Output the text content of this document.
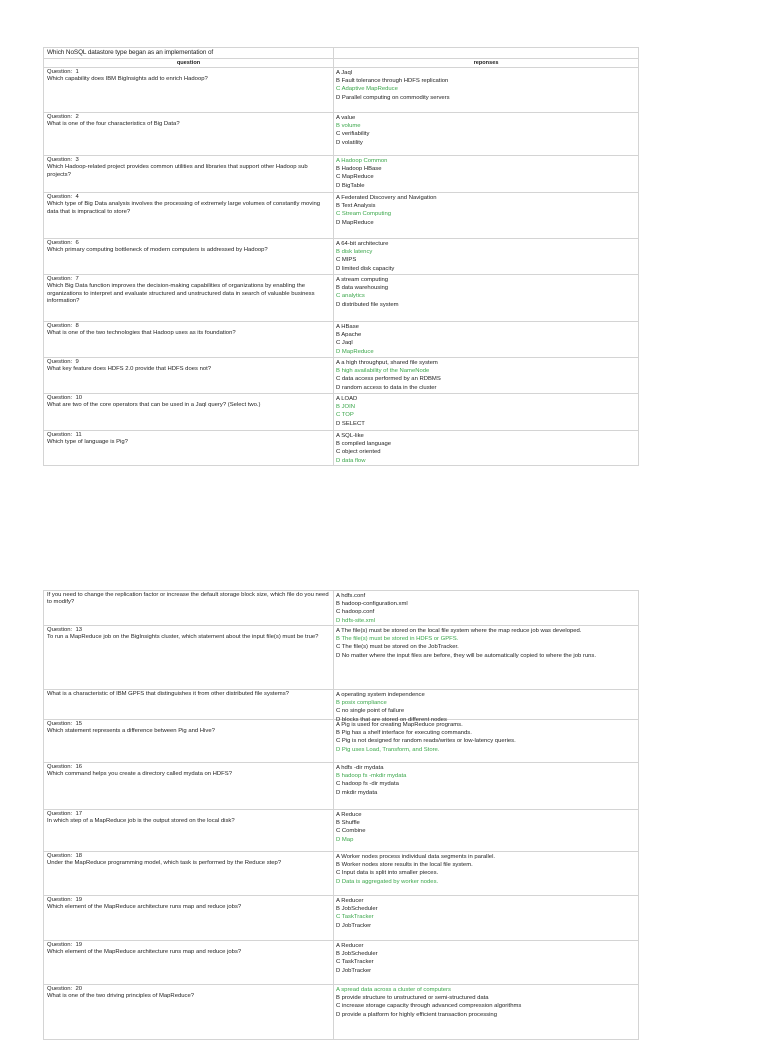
Which NoSQL datastore type began as an implementation of
question	reponses
Question:  1
Which capability does IBM BigInsights add to enrich Hadoop?
A Jaql
B Fault tolerance through HDFS replication
C Adaptive MapReduce
D Parallel computing on commodity servers
Question:  2
What is one of the four characteristics of Big Data?
A value
B volume
C verifiability
D volatility
Question:  3
Which Hadoop-related project provides common utilities and libraries that support other Hadoop sub projects?
A Hadoop Common
B Hadoop HBase
C MapReduce
D BigTable
Question:  4
Which type of Big Data analysis involves the processing of extremely large volumes of constantly moving data that is impractical to store?
A Federated Discovery and Navigation
B Text Analysis
C Stream Computing
D MapReduce
Question:  6
Which primary computing bottleneck of modern computers is addressed by Hadoop?
A 64-bit architecture
B disk latency
C MIPS
D limited disk capacity
Question:  7
Which Big Data function improves the decision-making capabilities of organizations by enabling the organizations to interpret and evaluate structured and unstructured data in search of valuable business information?
A stream computing
B data warehousing
C analytics
D distributed file system
Question:  8
What is one of the two technologies that Hadoop uses as its foundation?
A HBase
B Apache
C Jaql
D MapReduce
Question:  9
What key feature does HDFS 2.0 provide that HDFS does not?
A a high throughput, shared file system
B high availability of the NameNode
C data access performed by an RDBMS
D random access to data in the cluster
Question:  10
What are two of the core operators that can be used in a Jaql query? (Select two.)
A LOAD
B JOIN
C TOP
D SELECT
Question:  11
Which type of language is Pig?
A SQL-like
B compiled language
C object oriented
D data flow
If you need to change the replication factor or increase the default storage block size, which file do you need to modify?
A hdfs.conf
B hadoop-configuration.xml
C hadoop.conf
D hdfs-site.xml
Question:  13
To run a MapReduce job on the BigInsights cluster, which statement about the input file(s) must be true?
A The file(s) must be stored on the local file system where the map reduce job was developed.
B The file(s) must be stored in HDFS or GPFS.
C The file(s) must be stored on the JobTracker.
D No matter where the input files are before, they will be automatically copied to where the job runs.
What is a characteristic of IBM GPFS that distinguishes it from other distributed file systems?	A operating system independence
B posix compliance
C no single point of failure
D blocks that are stored on different nodes
Question:  15
Which statement represents a difference between Pig and Hive?
A Pig is used for creating MapReduce programs.
B Pig has a shelf interface for executing commands.
C Pig is not designed for random reads/writes or low-latency queries.
D Pig uses Load, Transform, and Store.
Question:  16
Which command helps you create a directory called mydata on HDFS?
A hdfs -dir mydata
B hadoop fs -mkdir mydata
C hadoop fs -dir mydata
D mkdir mydata
Question:  17
In which step of a MapReduce job is the output stored on the local disk?
A Reduce
B Shuffle
C Combine
D Map
Question:  18
Under the MapReduce programming model, which task is performed by the Reduce step?
A Worker nodes process individual data segments in parallel.
B Worker nodes store results in the local file system.
C Input data is split into smaller pieces.
D Data is aggregated by worker nodes.
Question:  19
Which element of the MapReduce architecture runs map and reduce jobs?
A Reducer
B JobScheduler
C TaskTracker
D JobTracker
Question:  19
Which element of the MapReduce architecture runs map and reduce jobs?
A Reducer
B JobScheduler
C TaskTracker
D JobTracker
Question:  20
What is one of the two driving principles of MapReduce?
A spread data across a cluster of computers
B provide structure to unstructured or semi-structured data
C increase storage capacity through advanced compression algorithms
D provide a platform for highly efficient transaction processing
